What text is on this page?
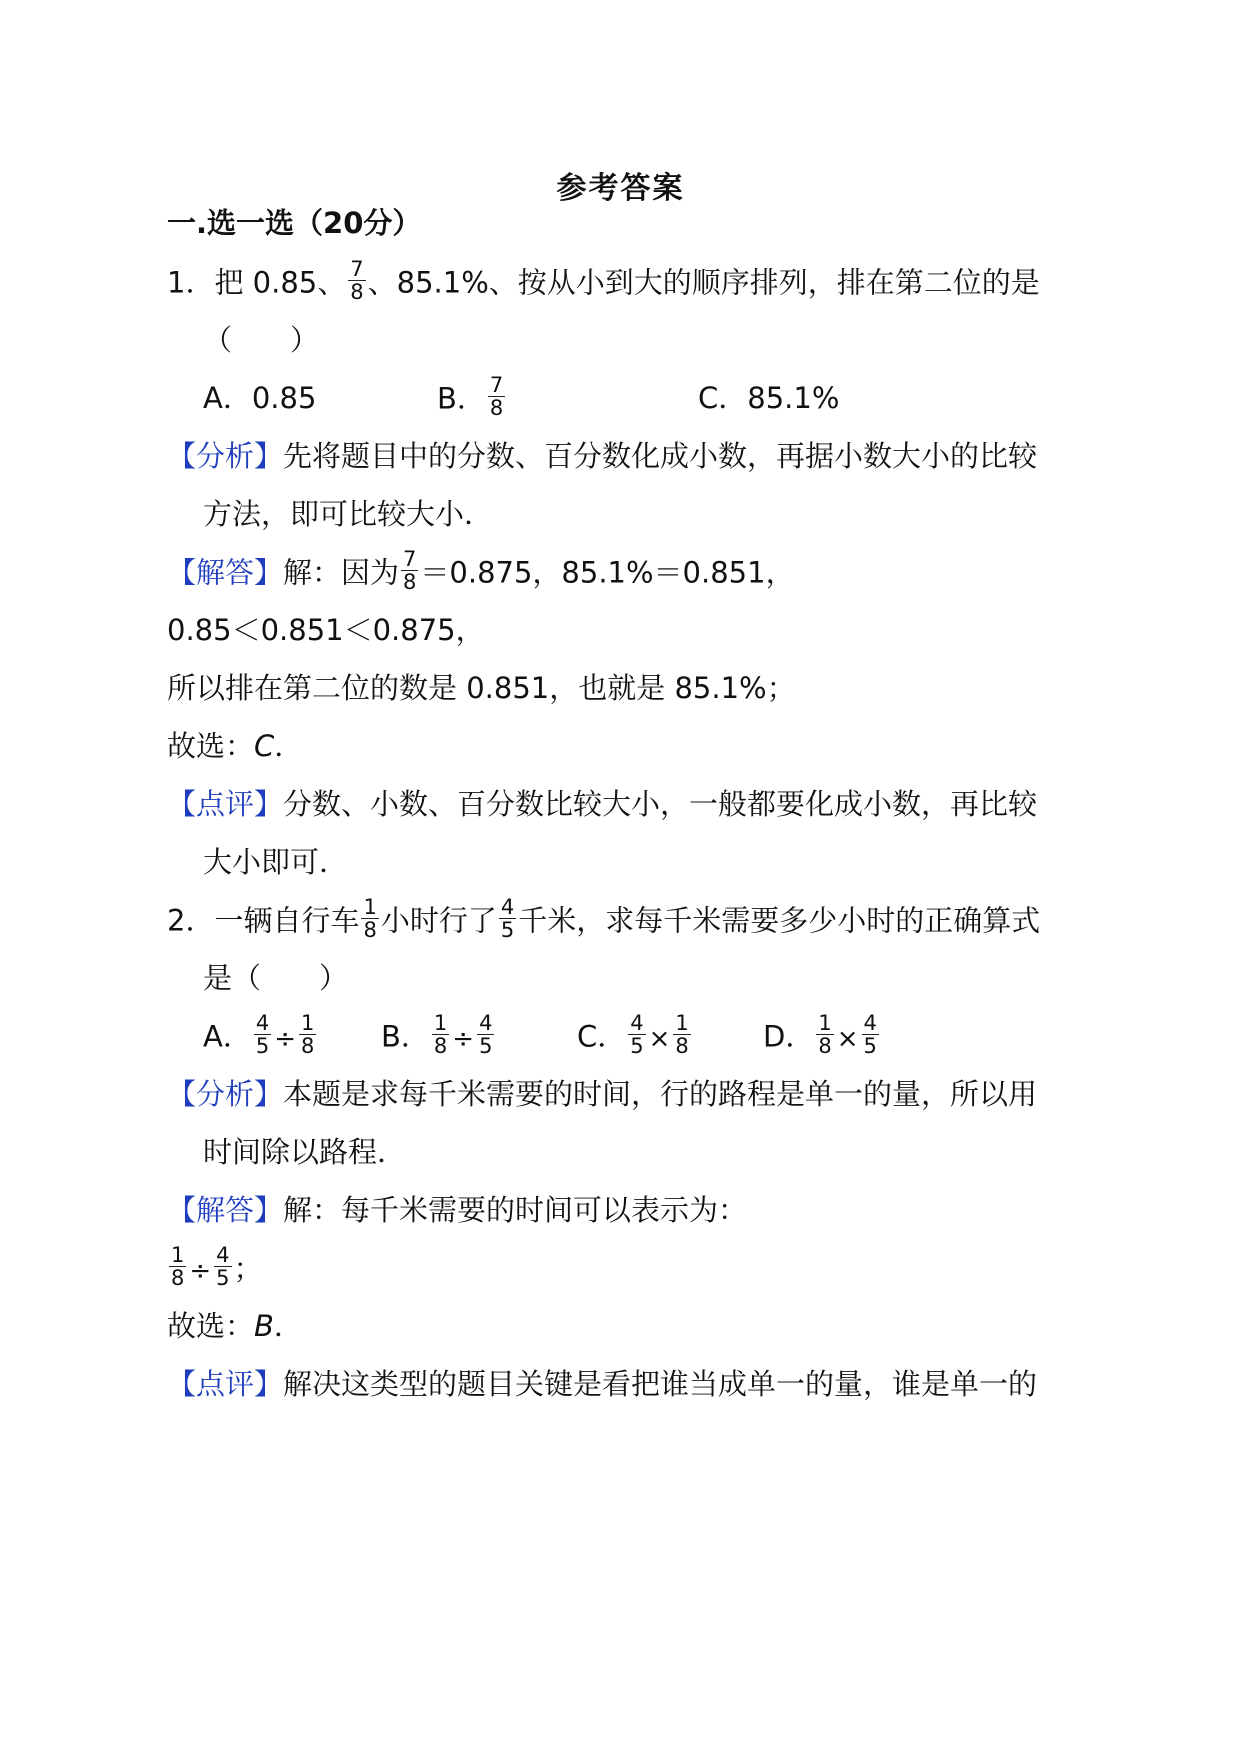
参考答案
一.选一选（20分）
1．把 0.85、 $\frac{7}{8}$ 、85.1%、按从小到大的顺序排列，排在第二位的是
（　　）
A．0.85	B． $\frac{7}{8}$	C．85.1%
【分析】先将题目中的分数、百分数化成小数，再据小数大小的比较
方法，即可比较大小．
【解答】解：因为 $\frac{7}{8} =0.875$，85.1%＝0.851，
0.85＜0.851＜0.875，
所以排在第二位的数是 0.851，也就是 85.1%；
故选：C．
【点评】分数、小数、百分数比较大小，一般都要化成小数，再比较
大小即可．
2．一辆自行车 $\frac{1}{8}$ 小时行了 $\frac{4}{5}$ 千米，求每千米需要多少小时的正确算式
是（　　）
A． $\frac{4}{5} \div \frac{1}{8}$ B． $\frac{1}{8} \div \frac{4}{5}$	C． $\frac{4}{5} \times \frac{1}{8}$ D． $\frac{1}{8} \times \frac{4}{5}$
【分析】本题是求每千米需要的时间，行的路程是单一的量，所以用
时间除以路程．
【解答】解：每千米需要的时间可以表示为：
$\frac{1}{8} \div \frac{4}{5}$ ；
故选：B．
【点评】解决这类型的题目关键是看把谁当成单一的量，谁是单一的
